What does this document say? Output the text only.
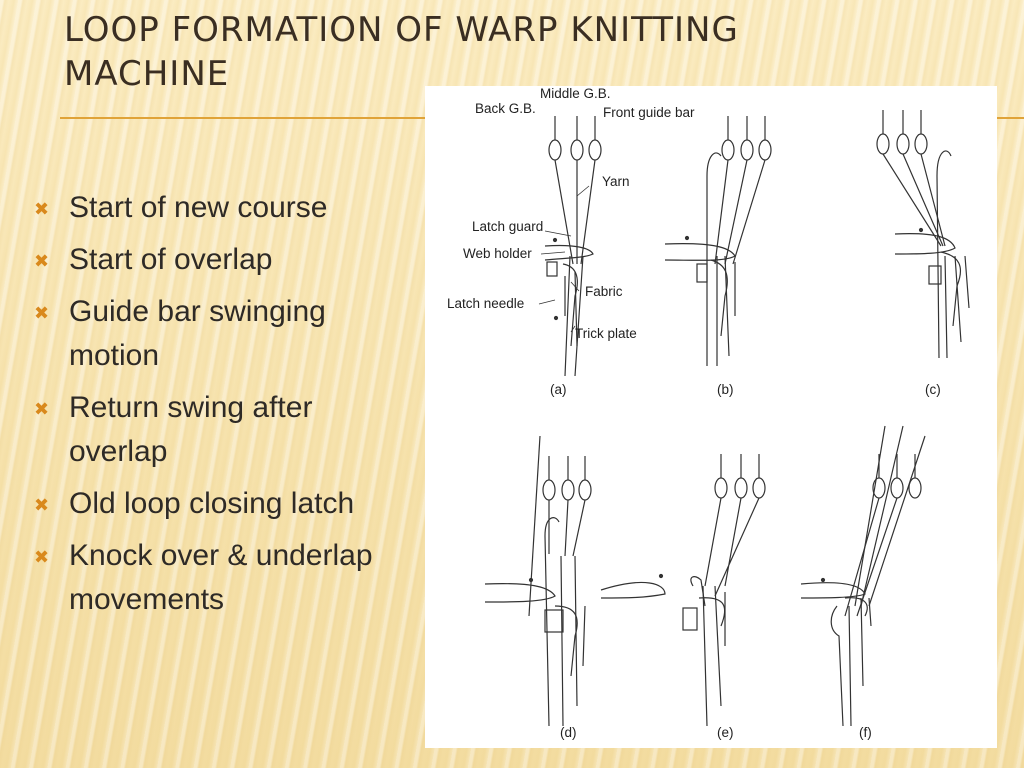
LOOP FORMATION OF WARP KNITTING MACHINE
✖ Start of new course
✖ Start of overlap
✖ Guide bar swinging motion
✖ Return swing after overlap
✖ Old loop closing latch
✖ Knock over & underlap movements
Middle G.B.
Back G.B.	Front guide bar
Yarn
Latch guard
Web holder
Fabric
Latch needle
Trick plate
(a)	(b)	(c)
(d)	(e)	(f)
